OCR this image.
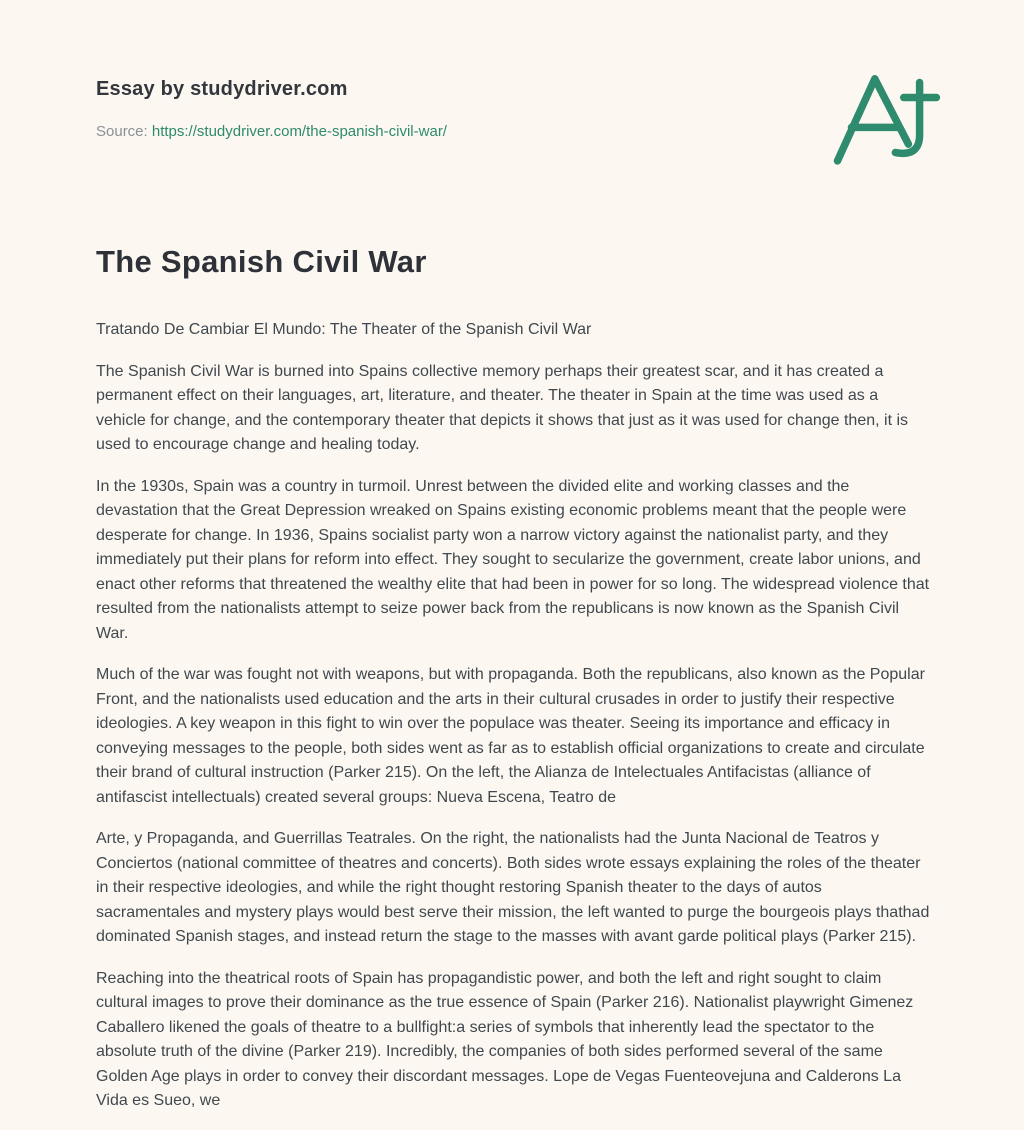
Essay by studydriver.com
Source: https://studydriver.com/the-spanish-civil-war/
The Spanish Civil War

Tratando De Cambiar El Mundo: The Theater of the Spanish Civil War

The Spanish Civil War is burned into Spains collective memory perhaps their greatest scar, and it has created a permanent effect on their languages, art, literature, and theater. The theater in Spain at the time was used as a vehicle for change, and the contemporary theater that depicts it shows that just as it was used for change then, it is used to encourage change and healing today.

In the 1930s, Spain was a country in turmoil. Unrest between the divided elite and working classes and the devastation that the Great Depression wreaked on Spains existing economic problems meant that the people were desperate for change. In 1936, Spains socialist party won a narrow victory against the nationalist party, and they immediately put their plans for reform into effect. They sought to secularize the government, create labor unions, and enact other reforms that threatened the wealthy elite that had been in power for so long. The widespread violence that resulted from the nationalists attempt to seize power back from the republicans is now known as the Spanish Civil War.

Much of the war was fought not with weapons, but with propaganda. Both the republicans, also known as the Popular Front, and the nationalists used education and the arts in their cultural crusades in order to justify their respective ideologies. A key weapon in this fight to win over the populace was theater. Seeing its importance and efficacy in conveying messages to the people, both sides went as far as to establish official organizations to create and circulate their brand of cultural instruction (Parker 215). On the left, the Alianza de Intelectuales Antifacistas (alliance of antifascist intellectuals) created several groups: Nueva Escena, Teatro de

Arte, y Propaganda, and Guerrillas Teatrales. On the right, the nationalists had the Junta Nacional de Teatros y Conciertos (national committee of theatres and concerts). Both sides wrote essays explaining the roles of the theater in their respective ideologies, and while the right thought restoring Spanish theater to the days of autos sacramentales and mystery plays would best serve their mission, the left wanted to purge the bourgeois plays thathad dominated Spanish stages, and instead return the stage to the masses with avant garde political plays (Parker 215).

Reaching into the theatrical roots of Spain has propagandistic power, and both the left and right sought to claim cultural images to prove their dominance as the true essence of Spain (Parker 216). Nationalist playwright Gimenez Caballero likened the goals of theatre to a bullfight:a series of symbols that inherently lead the spectator to the absolute truth of the divine (Parker 219). Incredibly, the companies of both sides performed several of the same Golden Age plays in order to convey their discordant messages. Lope de Vegas Fuenteovejuna and Calderons La Vida es Sueo, we
